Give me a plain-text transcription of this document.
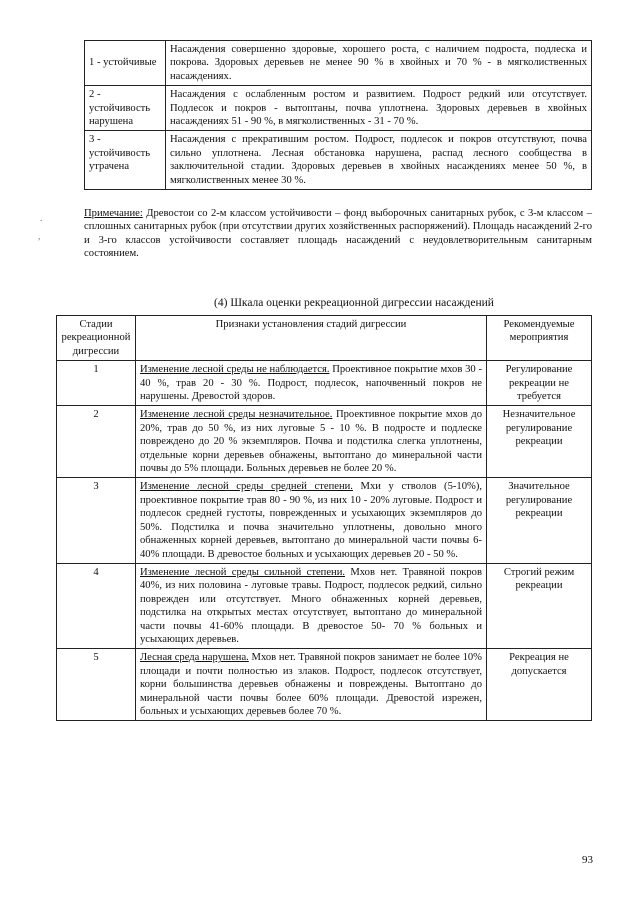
1 - устойчивые	Насаждения совершенно здоровые, хорошего роста, с наличием подроста, подлеска и покрова. Здоровых деревьев не менее 90 % в хвойных и 70 % - в мягколиственных насаждениях.
2 - устойчивость нарушена	Насаждения с ослабленным ростом и развитием. Подрост редкий или отсутствует. Подлесок и покров - вытоптаны, почва уплотнена. Здоровых деревьев в хвойных насаждениях 51 - 90 %, в мягколиственных - 31 - 70 %.
3 - устойчивость утрачена	Насаждения с прекратившим ростом. Подрост, подлесок и покров отсутствуют, почва сильно уплотнена. Лесная обстановка нарушена, распад лесного сообщества в заключительной стадии. Здоровых деревьев в хвойных насаждениях менее 50 %, в мягколиственных менее 30 %.
Примечание: Древостои со 2-м классом устойчивости – фонд выборочных санитарных рубок, с 3-м классом – сплошных санитарных рубок (при отсутствии других хозяйственных распоряжений). Площадь насаждений 2-го и 3-го классов устойчивости составляет площадь насаждений с неудовлетворительным санитарным состоянием.
(4) Шкала оценки рекреационной дигрессии насаждений
Стадии рекреационной дигрессии	Признаки установления стадий дигрессии	Рекомендуемые мероприятия
1	Изменение лесной среды не наблюдается. Проективное покрытие мхов 30 - 40 %, трав 20 - 30 %. Подрост, подлесок, напочвенный покров не нарушены. Древостой здоров.	Регулирование рекреации не требуется
2	Изменение лесной среды незначительное. Проективное покрытие мхов до 20%, трав до 50 %, из них луговые 5 - 10 %. В подросте и подлеске повреждено до 20 % экземпляров. Почва и подстилка слегка уплотнены, отдельные корни деревьев обнажены, вытоптано до минеральной части почвы до 5% площади. Больных деревьев не более 20 %.	Незначительное регулирование рекреации
3	Изменение лесной среды средней степени. Мхи у стволов (5-10%), проективное покрытие трав 80 - 90 %, из них 10 - 20% луговые. Подрост и подлесок средней густоты, поврежденных и усыхающих экземпляров до 50%. Подстилка и почва значительно уплотнены, довольно много обнаженных корней деревьев, вытоптано до минеральной части почвы 6-40% площади. В древостое больных и усыхающих деревьев 20 - 50 %.	Значительное регулирование рекреации
4	Изменение лесной среды сильной степени. Мхов нет. Травяной покров 40%, из них половина - луговые травы. Подрост, подлесок редкий, сильно поврежден или отсутствует. Много обнаженных корней деревьев, подстилка на открытых местах отсутствует, вытоптано до минеральной части почвы 41-60% площади. В древостое 50- 70 % больных и усыхающих деревьев.	Строгий режим рекреации
5	Лесная среда нарушена. Мхов нет. Травяной покров занимает не более 10% площади и почти полностью из злаков. Подрост, подлесок отсутствует, корни большинства деревьев обнажены и повреждены. Вытоптано до минеральной части почвы более 60% площади. Древостой изрежен, больных и усыхающих деревьев более 70 %.	Рекреация не допускается
93
.
,
